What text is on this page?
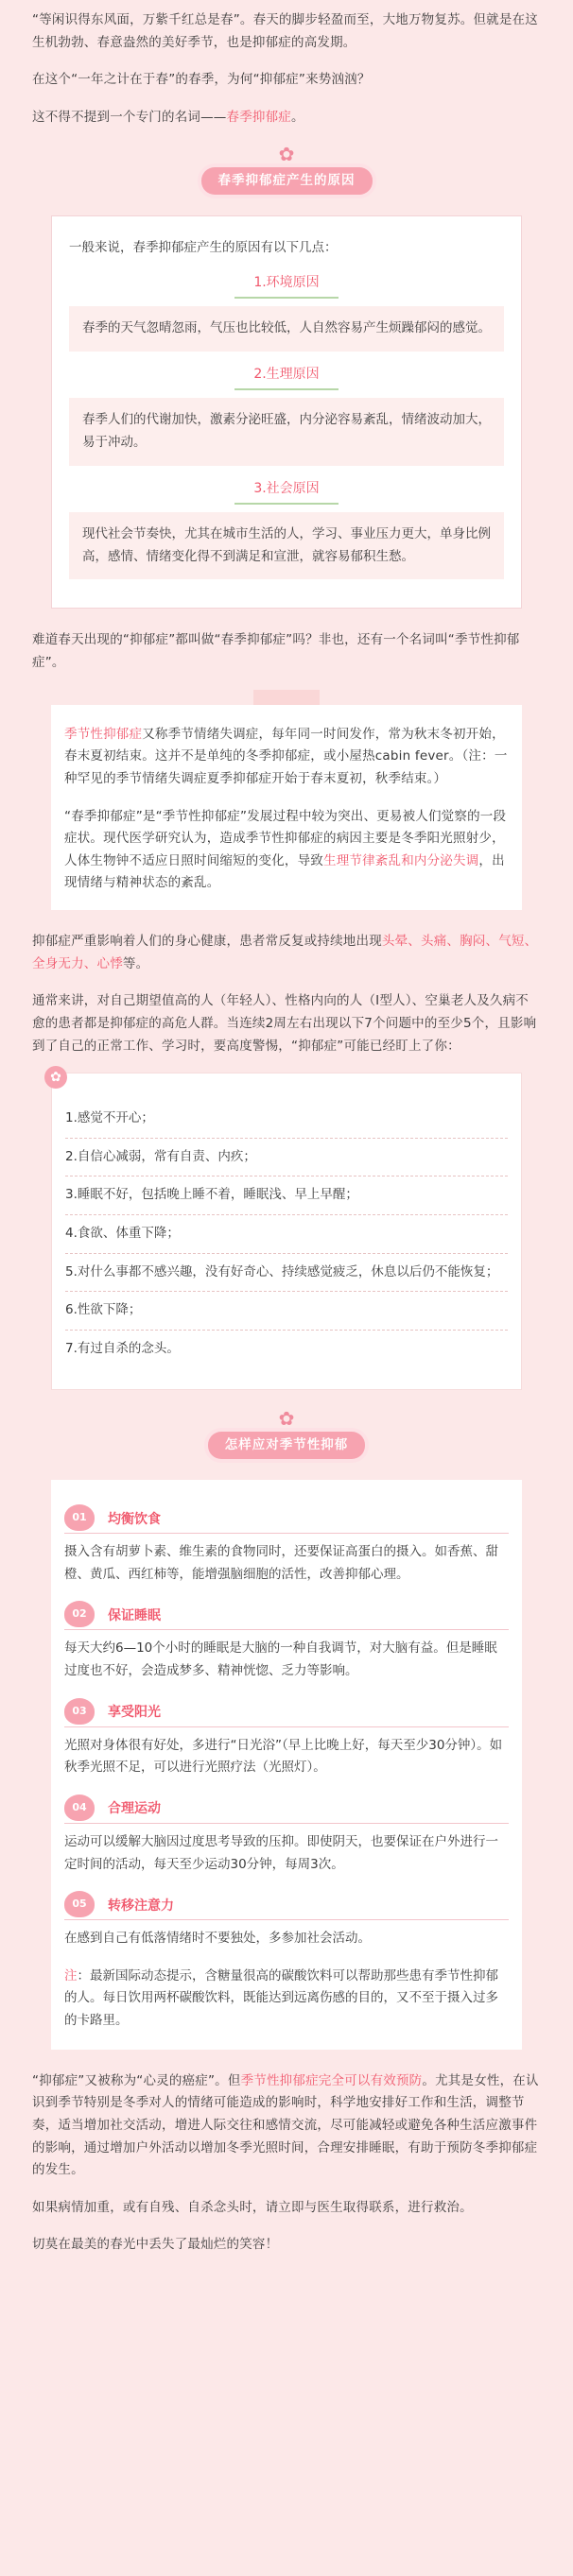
“等闲识得东风面，万紫千红总是春”。春天的脚步轻盈而至，大地万物复苏。但就是在这生机勃勃、春意盎然的美好季节，也是抑郁症的高发期。

在这个“一年之计在于春”的春季，为何“抑郁症”来势汹汹？

这不得不提到一个专门的名词——春季抑郁症。

✿
春季抑郁症产生的原因

一般来说，春季抑郁症产生的原因有以下几点：

1.环境原因
春季的天气忽晴忽雨，气压也比较低，人自然容易产生烦躁郁闷的感觉。
2.生理原因
春季人们的代谢加快，激素分泌旺盛，内分泌容易紊乱，情绪波动加大，易于冲动。
3.社会原因
现代社会节奏快，尤其在城市生活的人，学习、事业压力更大，单身比例高，感情、情绪变化得不到满足和宣泄，就容易郁积生愁。

难道春天出现的“抑郁症”都叫做“春季抑郁症”吗？非也，还有一个名词叫“季节性抑郁症”。

季节性抑郁症又称季节情绪失调症，每年同一时间发作，常为秋末冬初开始，春末夏初结束。这并不是单纯的冬季抑郁症，或小屋热cabin fever。（注：一种罕见的季节情绪失调症夏季抑郁症开始于春末夏初，秋季结束。）

“春季抑郁症”是“季节性抑郁症”发展过程中较为突出、更易被人们觉察的一段症状。现代医学研究认为，造成季节性抑郁症的病因主要是冬季阳光照射少，人体生物钟不适应日照时间缩短的变化，导致生理节律紊乱和内分泌失调，出现情绪与精神状态的紊乱。

抑郁症严重影响着人们的身心健康，患者常反复或持续地出现头晕、头痛、胸闷、气短、全身无力、心悸等。

通常来讲，对自己期望值高的人（年轻人）、性格内向的人（I型人）、空巢老人及久病不愈的患者都是抑郁症的高危人群。当连续2周左右出现以下7个问题中的至少5个，且影响到了自己的正常工作、学习时，要高度警惕，“抑郁症”可能已经盯上了你：

✿
1.感觉不开心；
2.自信心减弱，常有自责、内疚；
3.睡眠不好，包括晚上睡不着，睡眠浅、早上早醒；
4.食欲、体重下降；
5.对什么事都不感兴趣，没有好奇心、持续感觉疲乏，休息以后仍不能恢复；
6.性欲下降；
7.有过自杀的念头。
✿
怎样应对季节性抑郁
01	均衡饮食

摄入含有胡萝卜素、维生素的食物同时，还要保证高蛋白的摄入。如香蕉、甜橙、黄瓜、西红柿等，能增强脑细胞的活性，改善抑郁心理。

02	保证睡眠

每天大约6—10个小时的睡眠是大脑的一种自我调节，对大脑有益。但是睡眠过度也不好，会造成梦多、精神恍惚、乏力等影响。

03	享受阳光

光照对身体很有好处，多进行“日光浴”（早上比晚上好，每天至少30分钟）。如秋季光照不足，可以进行光照疗法（光照灯）。

04	合理运动

运动可以缓解大脑因过度思考导致的压抑。即使阴天，也要保证在户外进行一定时间的活动，每天至少运动30分钟，每周3次。

05	转移注意力

在感到自己有低落情绪时不要独处，多参加社会活动。

注：最新国际动态提示，含糖量很高的碳酸饮料可以帮助那些患有季节性抑郁的人。每日饮用两杯碳酸饮料，既能达到远离伤感的目的，又不至于摄入过多的卡路里。

“抑郁症”又被称为“心灵的癌症”。但季节性抑郁症完全可以有效预防。尤其是女性，在认识到季节特别是冬季对人的情绪可能造成的影响时，科学地安排好工作和生活，调整节奏，适当增加社交活动，增进人际交往和感情交流，尽可能减轻或避免各种生活应激事件的影响，通过增加户外活动以增加冬季光照时间，合理安排睡眠，有助于预防冬季抑郁症的发生。

如果病情加重，或有自残、自杀念头时，请立即与医生取得联系，进行救治。

切莫在最美的春光中丢失了最灿烂的笑容！
